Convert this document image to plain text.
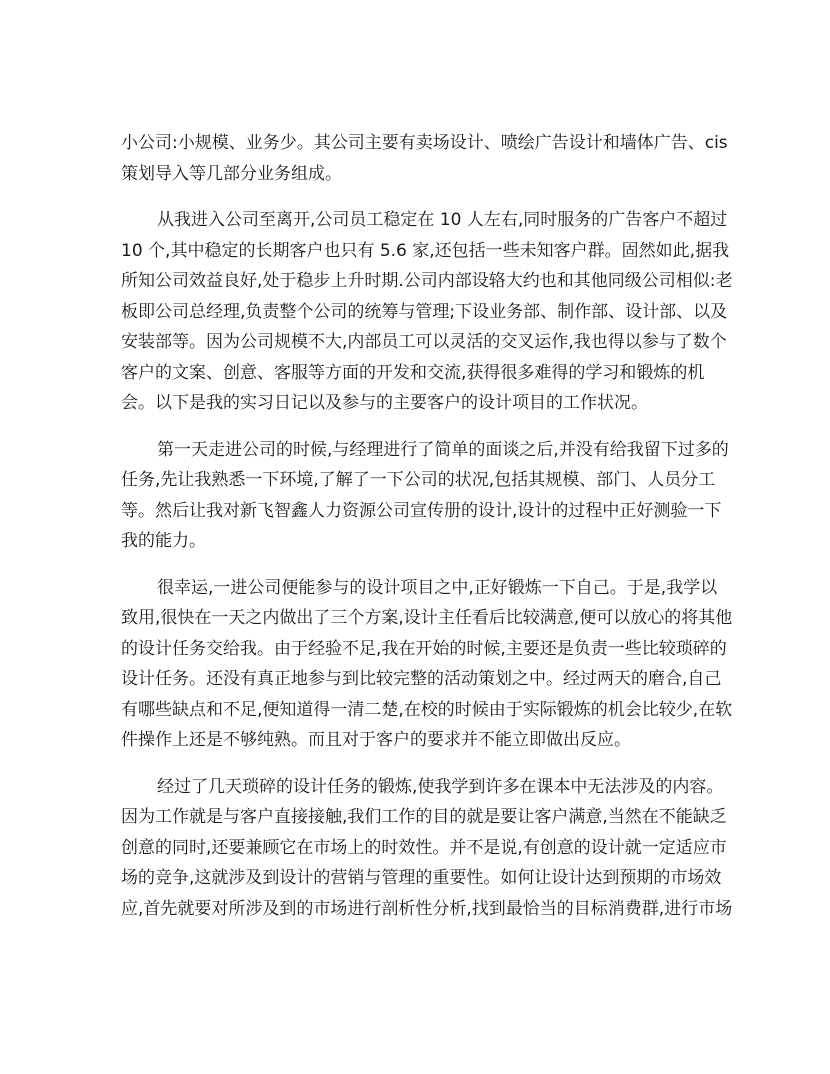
小公司:小规模、业务少。其公司主要有卖场设计、喷绘广告设计和墙体广告、cis
策划导入等几部分业务组成。
从我进入公司至离开,公司员工稳定在 10 人左右,同时服务的广告客户不超过
10 个,其中稳定的长期客户也只有 5.6 家,还包括一些未知客户群。固然如此,据我
所知公司效益良好,处于稳步上升时期.公司内部设辂大约也和其他同级公司相似:老
板即公司总经理,负责整个公司的统筹与管理;下设业务部、制作部、设计部、以及
安装部等。因为公司规模不大,内部员工可以灵活的交叉运作,我也得以参与了数个
客户的文案、创意、客服等方面的开发和交流,获得很多难得的学习和锻炼的机
会。以下是我的实习日记以及参与的主要客户的设计项目的工作状况。
第一天走进公司的时候,与经理进行了简单的面谈之后,并没有给我留下过多的
任务,先让我熟悉一下环境,了解了一下公司的状况,包括其规模、部门、人员分工
等。然后让我对新飞智鑫人力资源公司宣传册的设计,设计的过程中正好测验一下
我的能力。
很幸运,一进公司便能参与的设计项目之中,正好锻炼一下自己。于是,我学以
致用,很快在一天之内做出了三个方案,设计主任看后比较满意,便可以放心的将其他
的设计任务交给我。由于经验不足,我在开始的时候,主要还是负责一些比较琐碎的
设计任务。还没有真正地参与到比较完整的活动策划之中。经过两天的磨合,自己
有哪些缺点和不足,便知道得一清二楚,在校的时候由于实际锻炼的机会比较少,在软
件操作上还是不够纯熟。而且对于客户的要求并不能立即做出反应。
经过了几天琐碎的设计任务的锻炼,使我学到许多在课本中无法涉及的内容。
因为工作就是与客户直接接触,我们工作的目的就是要让客户满意,当然在不能缺乏
创意的同时,还要兼顾它在市场上的时效性。并不是说,有创意的设计就一定适应市
场的竞争,这就涉及到设计的营销与管理的重要性。如何让设计达到预期的市场效
应,首先就要对所涉及到的市场进行剖析性分析,找到最恰当的目标消费群,进行市场
